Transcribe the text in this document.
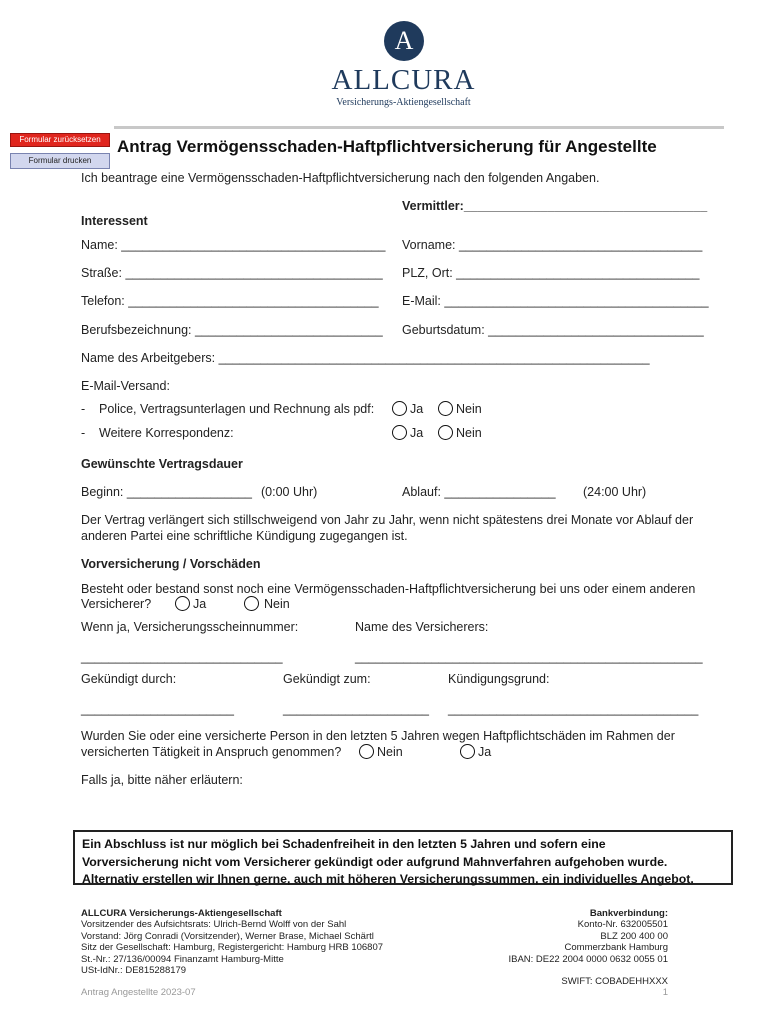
A
ALLCURA
Versicherungs-Aktiengesellschaft
Formular zurücksetzen
Formular drucken
Antrag Vermögensschaden-Haftpflichtversicherung für Angestellte
Ich beantrage eine Vermögensschaden-Haftpflichtversicherung nach den folgenden Angaben.
Vermittler:___________________________________
Interessent
Name: ______________________________________ Vorname: ___________________________________
Straße: _____________________________________ PLZ, Ort: ___________________________________
Telefon: ____________________________________ E-Mail: ______________________________________
Berufsbezeichnung: ___________________________ Geburtsdatum: _______________________________
Name des Arbeitgebers: ______________________________________________________________
E-Mail-Versand:
- Police, Vertragsunterlagen und Rechnung als pdf:	Ja	Nein
- Weitere Korrespondenz:	Ja	Nein
Gewünschte Vertragsdauer
Beginn: __________________ (0:00 Uhr)	Ablauf: ________________ (24:00 Uhr)
Der Vertrag verlängert sich stillschweigend von Jahr zu Jahr, wenn nicht spätestens drei Monate vor Ablauf der
anderen Partei eine schriftliche Kündigung zugegangen ist.
Vorversicherung / Vorschäden
Besteht oder bestand sonst noch eine Vermögensschaden-Haftpflichtversicherung bei uns oder einem anderen
Versicherer?	Ja	Nein
Wenn ja, Versicherungsscheinnummer:	Name des Versicherers:
_____________________________	__________________________________________________
Gekündigt durch:	Gekündigt zum:	Kündigungsgrund:
______________________	_____________________ ____________________________________
Wurden Sie oder eine versicherte Person in den letzten 5 Jahren wegen Haftpflichtschäden im Rahmen der
versicherten Tätigkeit in Anspruch genommen?	Nein	Ja
Falls ja, bitte näher erläutern:
Ein Abschluss ist nur möglich bei Schadenfreiheit in den letzten 5 Jahren und sofern eine
Vorversicherung nicht vom Versicherer gekündigt oder aufgrund Mahnverfahren aufgehoben wurde.
Alternativ erstellen wir Ihnen gerne, auch mit höheren Versicherungssummen, ein individuelles Angebot.
ALLCURA Versicherungs-Aktiengesellschaft
Vorsitzender des Aufsichtsrats: Ulrich-Bernd Wolff von der Sahl
Vorstand: Jörg Conradi (Vorsitzender), Werner Brase, Michael Schärtl
Sitz der Gesellschaft: Hamburg, Registergericht: Hamburg HRB 106807
St.-Nr.: 27/136/00094 Finanzamt Hamburg-Mitte
USt-IdNr.: DE815288179
Bankverbindung:
Konto-Nr. 632005501
BLZ 200 400 00
Commerzbank Hamburg
IBAN: DE22 2004 0000 0632 0055 01
SWIFT: COBADEHHXXX
Antrag Angestellte 2023-07	1
